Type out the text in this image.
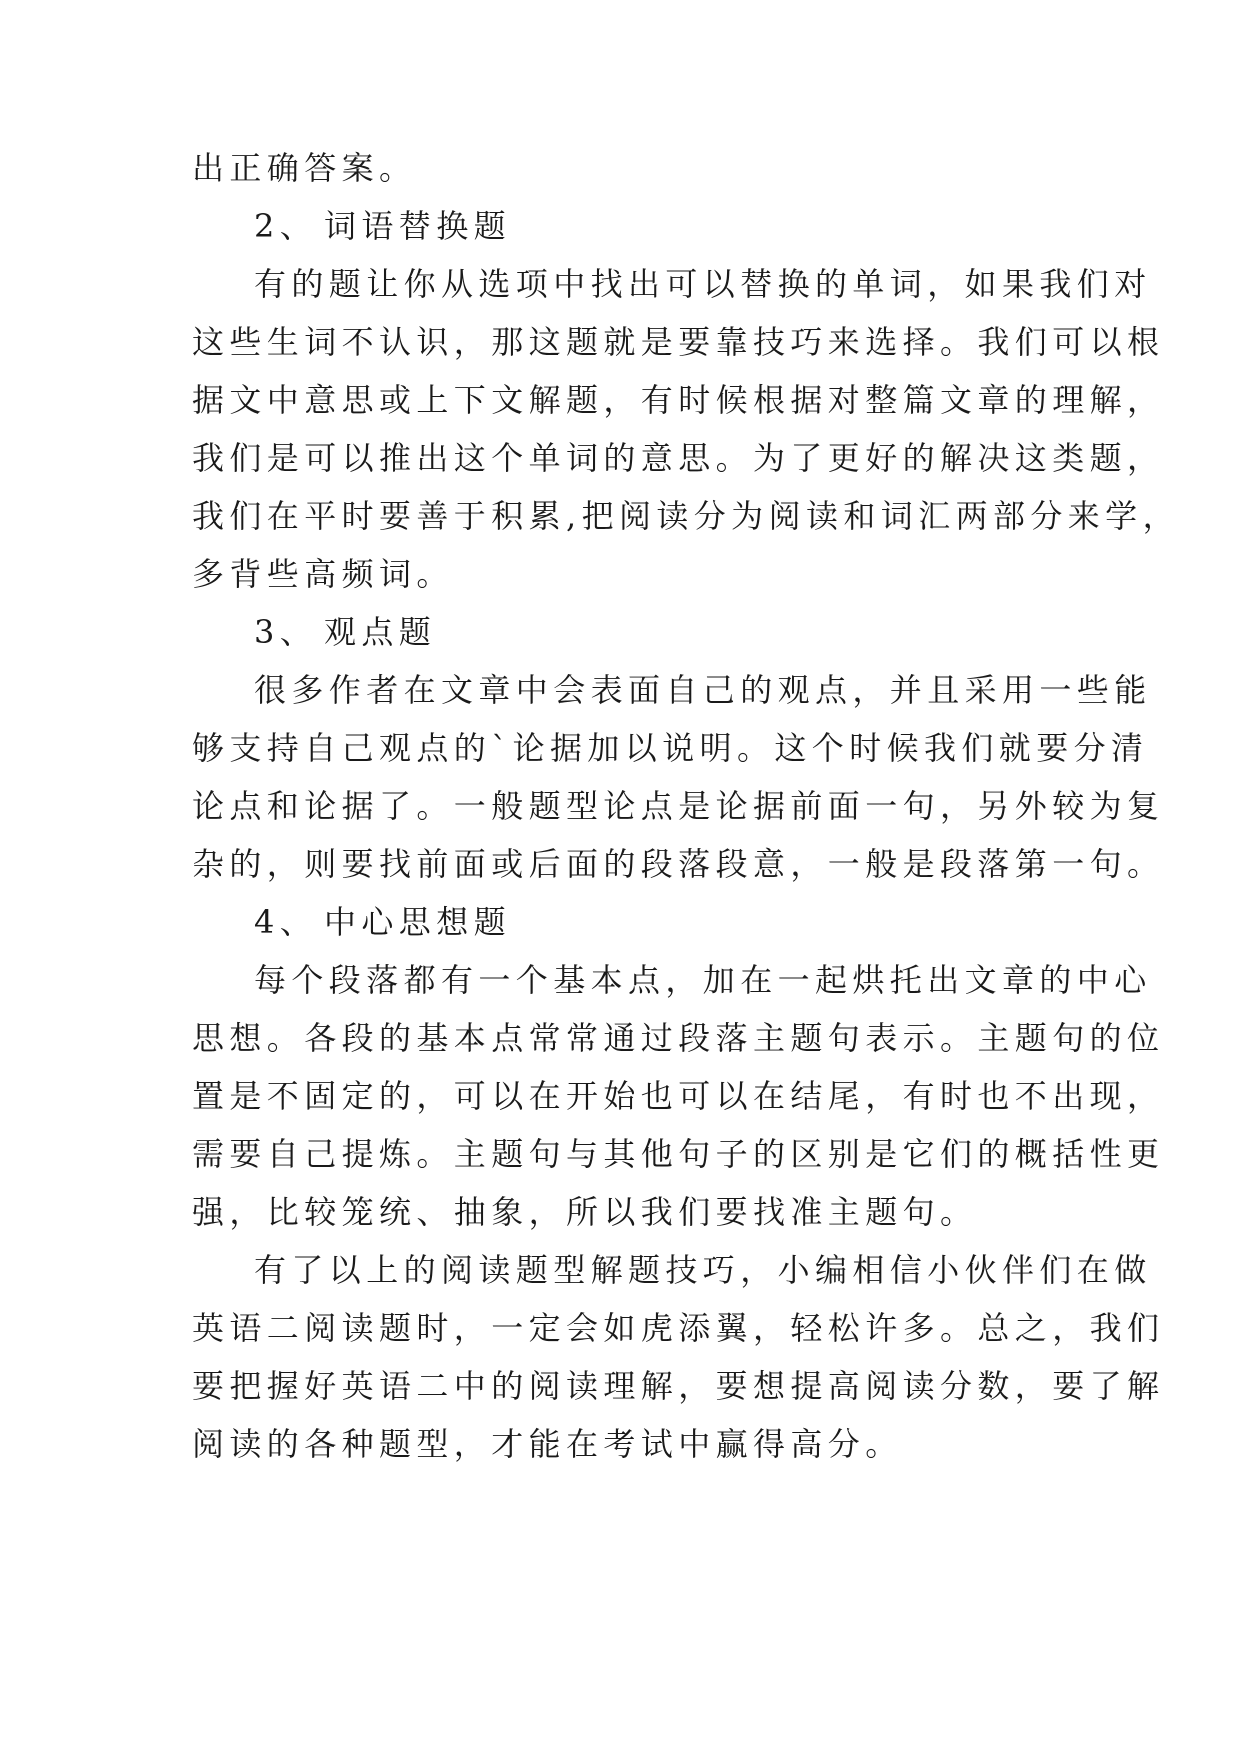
出正确答案。
2、 词语替换题
有的题让你从选项中找出可以替换的单词，如果我们对
这些生词不认识，那这题就是要靠技巧来选择。我们可以根
据文中意思或上下文解题，有时候根据对整篇文章的理解，
我们是可以推出这个单词的意思。为了更好的解决这类题，
我们在平时要善于积累,把阅读分为阅读和词汇两部分来学，
多背些高频词。
3、 观点题
很多作者在文章中会表面自己的观点，并且采用一些能
够支持自己观点的`论据加以说明。这个时候我们就要分清
论点和论据了。一般题型论点是论据前面一句，另外较为复
杂的，则要找前面或后面的段落段意，一般是段落第一句。
4、 中心思想题
每个段落都有一个基本点，加在一起烘托出文章的中心
思想。各段的基本点常常通过段落主题句表示。主题句的位
置是不固定的，可以在开始也可以在结尾，有时也不出现，
需要自己提炼。主题句与其他句子的区别是它们的概括性更
强，比较笼统、抽象，所以我们要找准主题句。
有了以上的阅读题型解题技巧，小编相信小伙伴们在做
英语二阅读题时，一定会如虎添翼，轻松许多。总之，我们
要把握好英语二中的阅读理解，要想提高阅读分数，要了解
阅读的各种题型，才能在考试中赢得高分。
